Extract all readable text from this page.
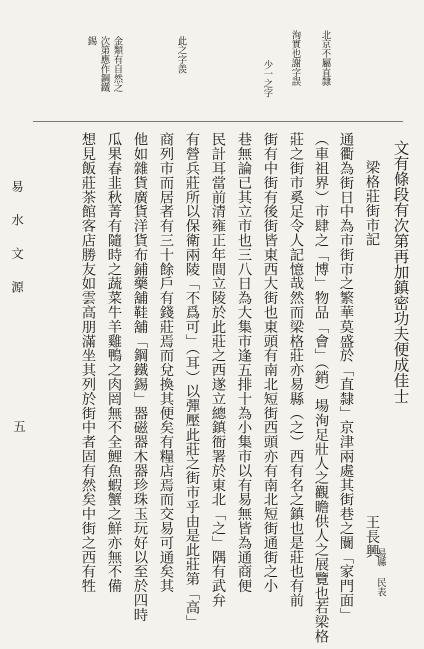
易 水 文 源
五
北京不屬直隸
洵實也謝字誤
少一之字
此之字羨
金類有自然之
次第應作鋼鐵
錫
文有條段有次第再加鎮密功夫便成佳士
梁格莊街市記
王長興
易縣 民表
通衢為街日中為市街市之繁華莫盛於「直隸」京津兩處其街巷之闤「家門面」
（車祖界）市肆之「博」物品「會」（銷）場洵足壯人之觀瞻供人之展覽也若梁格
莊之街市奚足令人記憶哉然而梁格莊亦易縣（之）西有名之鎮也是莊也有前
街有中街有後街皆東西大街也東頭有南北短街西頭亦有南北短街通街之小
巷無論已其立市也三八日為大集市逢五排十為小集市以有易無皆為通商便
民計耳當前清雍正年間立陵於此莊之西遂立總鎮衙署於東北「之」隅有武弁
有營兵莊所以保衛兩陵「不爲可」（耳）以彈壓此莊之街市乎由是此莊第「高」
商列市而居者有三十餘戶有錢莊焉而兌換其便矣有糧店焉而交易可通矣其
他如雜貨廣貨洋貨布鋪藥舖鞋舖「鋼鐵錫」器磁器木器珍珠玉玩好以至於四時
瓜果春韭秋菁有隨時之蔬菜牛羊雞鴨之肉罔無不全鯉魚蝦蟹之鮮亦無不備
想見飯莊茶館客店勝友如雲高朋滿坐其列於街中者固有然矣中街之西有牲
